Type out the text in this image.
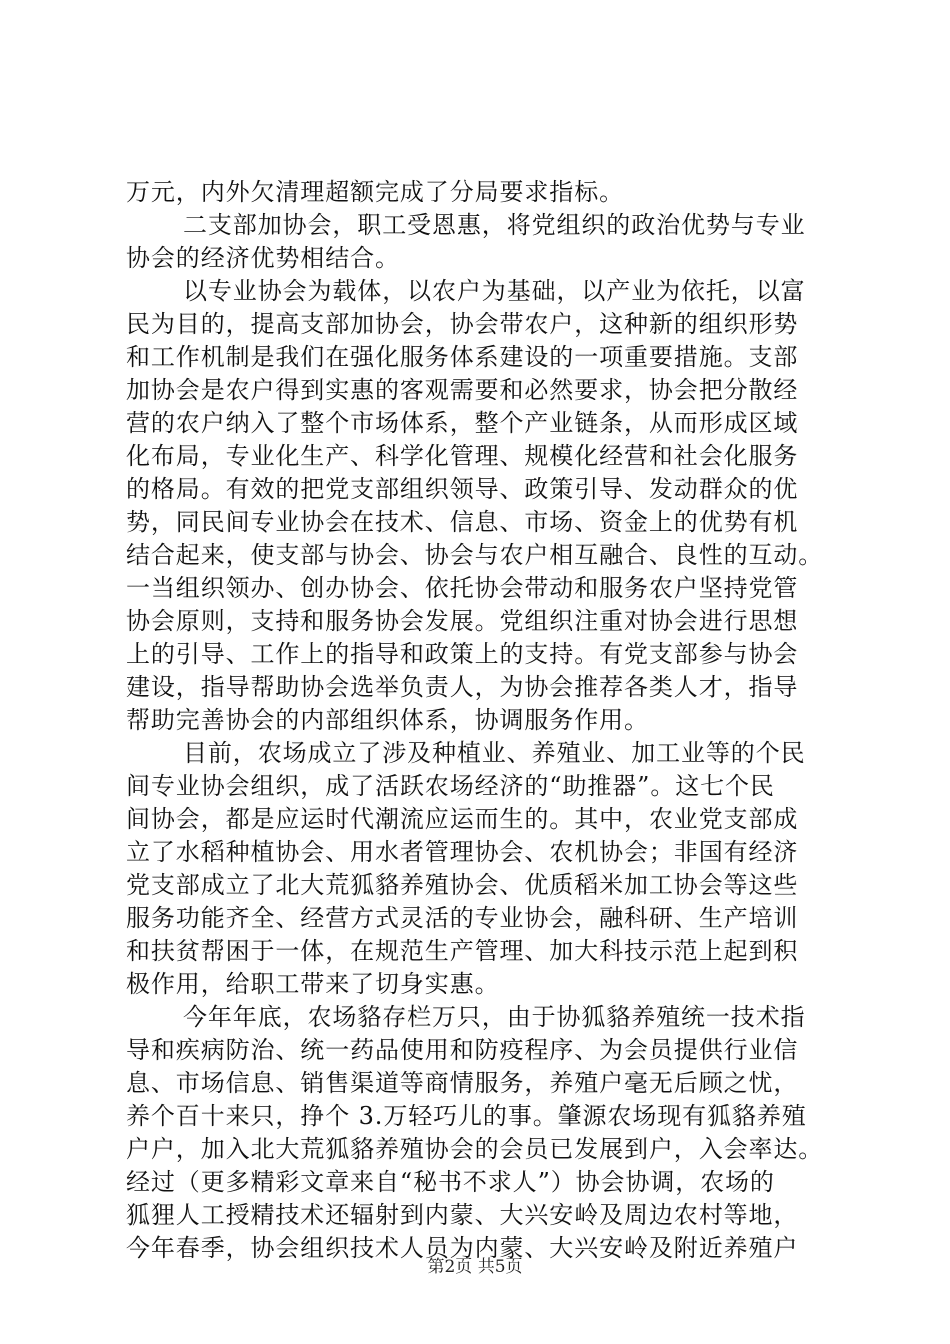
万元，内外欠清理超额完成了分局要求指标。
二支部加协会，职工受恩惠，将党组织的政治优势与专业
协会的经济优势相结合。
以专业协会为载体，以农户为基础，以产业为依托，以富
民为目的，提高支部加协会，协会带农户，这种新的组织形势
和工作机制是我们在强化服务体系建设的一项重要措施。支部
加协会是农户得到实惠的客观需要和必然要求，协会把分散经
营的农户纳入了整个市场体系，整个产业链条，从而形成区域
化布局，专业化生产、科学化管理、规模化经营和社会化服务
的格局。有效的把党支部组织领导、政策引导、发动群众的优
势，同民间专业协会在技术、信息、市场、资金上的优势有机
结合起来，使支部与协会、协会与农户相互融合、良性的互动。
一当组织领办、创办协会、依托协会带动和服务农户坚持党管
协会原则，支持和服务协会发展。党组织注重对协会进行思想
上的引导、工作上的指导和政策上的支持。有党支部参与协会
建设，指导帮助协会选举负责人，为协会推荐各类人才，指导
帮助完善协会的内部组织体系，协调服务作用。
目前，农场成立了涉及种植业、养殖业、加工业等的个民
间专业协会组织，成了活跃农场经济的“助推器”。这七个民
间协会，都是应运时代潮流应运而生的。其中，农业党支部成
立了水稻种植协会、用水者管理协会、农机协会；非国有经济
党支部成立了北大荒狐貉养殖协会、优质稻米加工协会等这些
服务功能齐全、经营方式灵活的专业协会，融科研、生产培训
和扶贫帮困于一体，在规范生产管理、加大科技示范上起到积
极作用，给职工带来了切身实惠。
今年年底，农场貉存栏万只，由于协狐貉养殖统一技术指
导和疾病防治、统一药品使用和防疫程序、为会员提供行业信
息、市场信息、销售渠道等商情服务，养殖户毫无后顾之忧，
养个百十来只，挣个 3.万轻巧儿的事。肇源农场现有狐貉养殖
户户，加入北大荒狐貉养殖协会的会员已发展到户，入会率达。
经过（更多精彩文章来自“秘书不求人”）协会协调，农场的
狐狸人工授精技术还辐射到内蒙、大兴安岭及周边农村等地，
今年春季，协会组织技术人员为内蒙、大兴安岭及附近养殖户
第2页 共5页
